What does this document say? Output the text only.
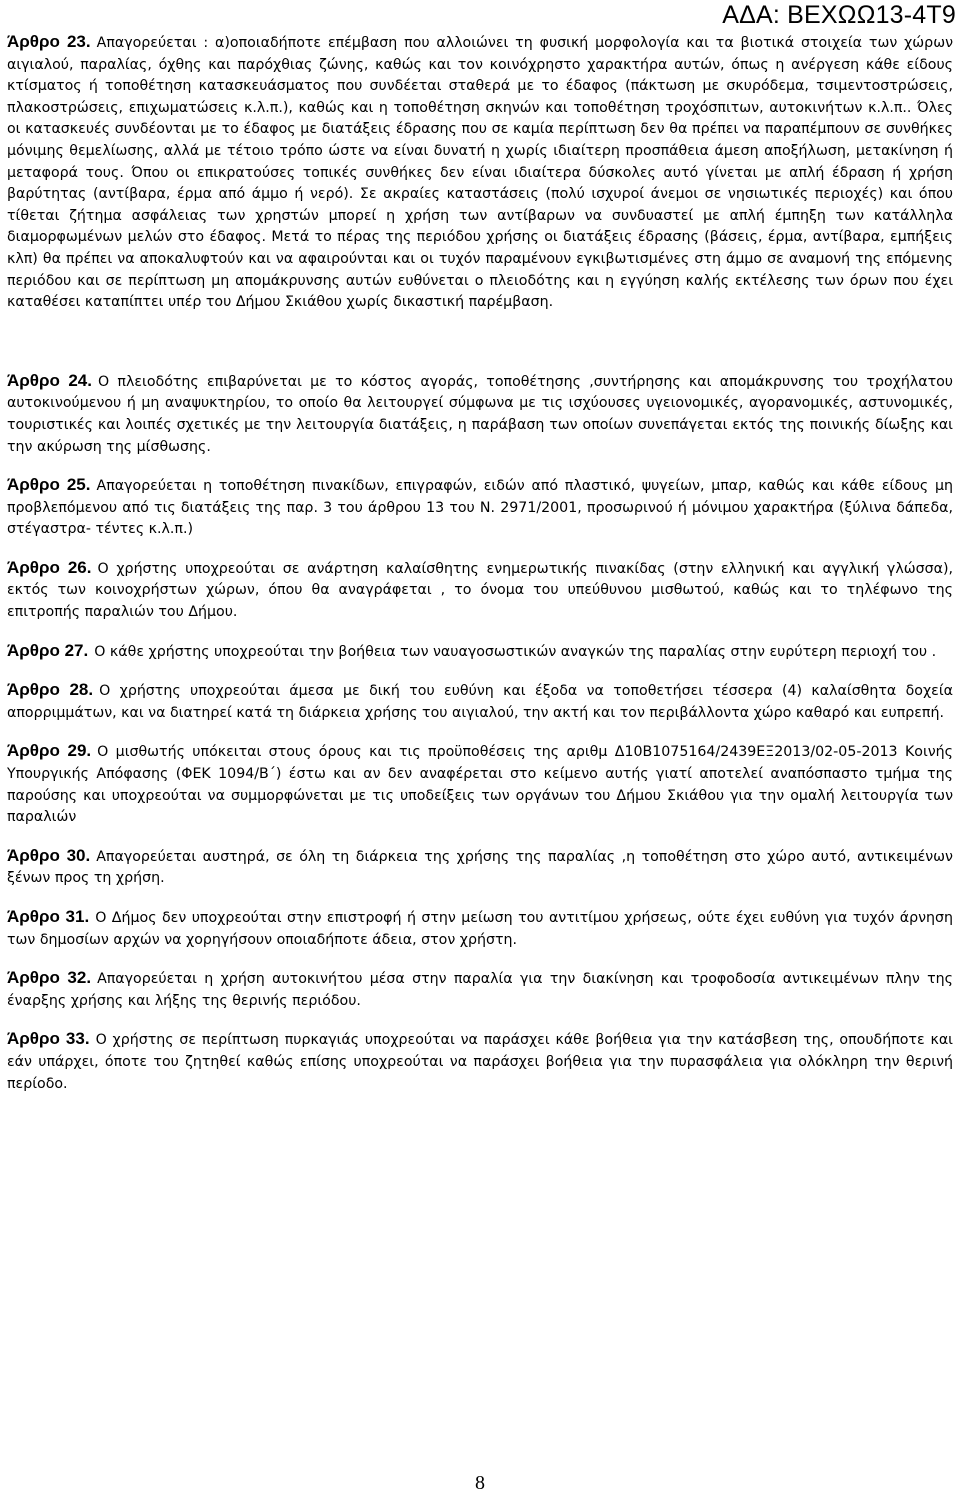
ΑΔΑ: ΒΕΧΩΩ13-4Τ9

Άρθρο 23. Απαγορεύεται : α)οποιαδήποτε επέμβαση που αλλοιώνει τη φυσική μορφολογία και τα βιοτικά στοιχεία των χώρων αιγιαλού, παραλίας, όχθης και παρόχθιας ζώνης, καθώς και τον κοινόχρηστο χαρακτήρα αυτών, όπως η ανέργεση κάθε είδους κτίσματος ή τοποθέτηση κατασκευάσματος που συνδέεται σταθερά με το έδαφος (πάκτωση με σκυρόδεμα, τσιμεντοστρώσεις, πλακοστρώσεις, επιχωματώσεις κ.λ.π.), καθώς και η τοποθέτηση σκηνών και τοποθέτηση τροχόσπιτων, αυτοκινήτων κ.λ.π.. Όλες οι κατασκευές συνδέονται με το έδαφος με διατάξεις έδρασης που σε καμία περίπτωση δεν θα πρέπει να παραπέμπουν σε συνθήκες μόνιμης θεμελίωσης, αλλά με τέτοιο τρόπο ώστε να είναι δυνατή η χωρίς ιδιαίτερη προσπάθεια άμεση αποξήλωση, μετακίνηση ή μεταφορά τους. Όπου οι επικρατούσες τοπικές συνθήκες δεν είναι ιδιαίτερα δύσκολες αυτό γίνεται με απλή έδραση ή χρήση βαρύτητας (αντίβαρα, έρμα από άμμο ή νερό). Σε ακραίες καταστάσεις (πολύ ισχυροί άνεμοι σε νησιωτικές περιοχές) και όπου τίθεται ζήτημα ασφάλειας των χρηστών μπορεί η χρήση των αντίβαρων να συνδυαστεί με απλή έμπηξη των κατάλληλα διαμορφωμένων μελών στο έδαφος. Μετά το πέρας της περιόδου χρήσης οι διατάξεις έδρασης (βάσεις, έρμα, αντίβαρα, εμπήξεις κλπ) θα πρέπει να αποκαλυφτούν και να αφαιρούνται και οι τυχόν παραμένουν εγκιβωτισμένες στη άμμο σε αναμονή της επόμενης περιόδου και σε περίπτωση μη απομάκρυνσης αυτών ευθύνεται ο πλειοδότης και η εγγύηση καλής εκτέλεσης των όρων που έχει καταθέσει καταπίπτει υπέρ του Δήμου Σκιάθου χωρίς δικαστική παρέμβαση.

Άρθρο 24. Ο πλειοδότης επιβαρύνεται με το κόστος αγοράς, τοποθέτησης ,συντήρησης και απομάκρυνσης του τροχήλατου αυτοκινούμενου ή μη αναψυκτηρίου, το οποίο θα λειτουργεί σύμφωνα με τις ισχύουσες υγειονομικές, αγορανομικές, αστυνομικές, τουριστικές και λοιπές σχετικές με την λειτουργία διατάξεις, η παράβαση των οποίων συνεπάγεται εκτός της ποινικής δίωξης και την ακύρωση της μίσθωσης.

Άρθρο 25. Απαγορεύεται η τοποθέτηση πινακίδων, επιγραφών, ειδών από πλαστικό, ψυγείων, μπαρ, καθώς και κάθε είδους μη προβλεπόμενου από τις διατάξεις της παρ. 3 του άρθρου 13 του Ν. 2971/2001, προσωρινού ή μόνιμου χαρακτήρα (ξύλινα δάπεδα, στέγαστρα- τέντες κ.λ.π.)

Άρθρο 26. Ο χρήστης υποχρεούται σε ανάρτηση καλαίσθητης ενημερωτικής πινακίδας (στην ελληνική και αγγλική γλώσσα), εκτός των κοινοχρήστων χώρων, όπου θα αναγράφεται , το όνομα του υπεύθυνου μισθωτού, καθώς και το τηλέφωνο της επιτροπής παραλιών του Δήμου.

Άρθρο 27. Ο κάθε χρήστης υποχρεούται την βοήθεια των ναυαγοσωστικών αναγκών της παραλίας στην ευρύτερη περιοχή του .

Άρθρο 28. Ο χρήστης υποχρεούται άμεσα με δική του ευθύνη και έξοδα να τοποθετήσει τέσσερα (4) καλαίσθητα δοχεία απορριμμάτων, και να διατηρεί κατά τη διάρκεια χρήσης του αιγιαλού, την ακτή και τον περιβάλλοντα χώρο καθαρό και ευπρεπή.

Άρθρο 29. Ο μισθωτής υπόκειται στους όρους και τις προϋποθέσεις της αριθμ Δ10Β1075164/2439ΕΞ2013/02-05-2013 Κοινής Υπουργικής Απόφασης (ΦΕΚ 1094/Β΄) έστω και αν δεν αναφέρεται στο κείμενο αυτής γιατί αποτελεί αναπόσπαστο τμήμα της παρούσης και υποχρεούται να συμμορφώνεται με τις υποδείξεις των οργάνων του Δήμου Σκιάθου για την ομαλή λειτουργία των παραλιών

Άρθρο 30. Απαγορεύεται αυστηρά, σε όλη τη διάρκεια της χρήσης της παραλίας ,η τοποθέτηση στο χώρο αυτό, αντικειμένων ξένων προς τη χρήση.

Άρθρο 31. Ο Δήμος δεν υποχρεούται στην επιστροφή ή στην μείωση του αντιτίμου χρήσεως, ούτε έχει ευθύνη για τυχόν άρνηση των δημοσίων αρχών να χορηγήσουν οποιαδήποτε άδεια, στον χρήστη.

Άρθρο 32. Απαγορεύεται η χρήση αυτοκινήτου μέσα στην παραλία για την διακίνηση και τροφοδοσία αντικειμένων πλην της έναρξης χρήσης και λήξης της θερινής περιόδου.

Άρθρο 33. Ο χρήστης σε περίπτωση πυρκαγιάς υποχρεούται να παράσχει κάθε βοήθεια για την κατάσβεση της, οπουδήποτε και εάν υπάρχει, όποτε του ζητηθεί καθώς επίσης υποχρεούται να παράσχει βοήθεια για την πυρασφάλεια για ολόκληρη την θερινή περίοδο.

8
